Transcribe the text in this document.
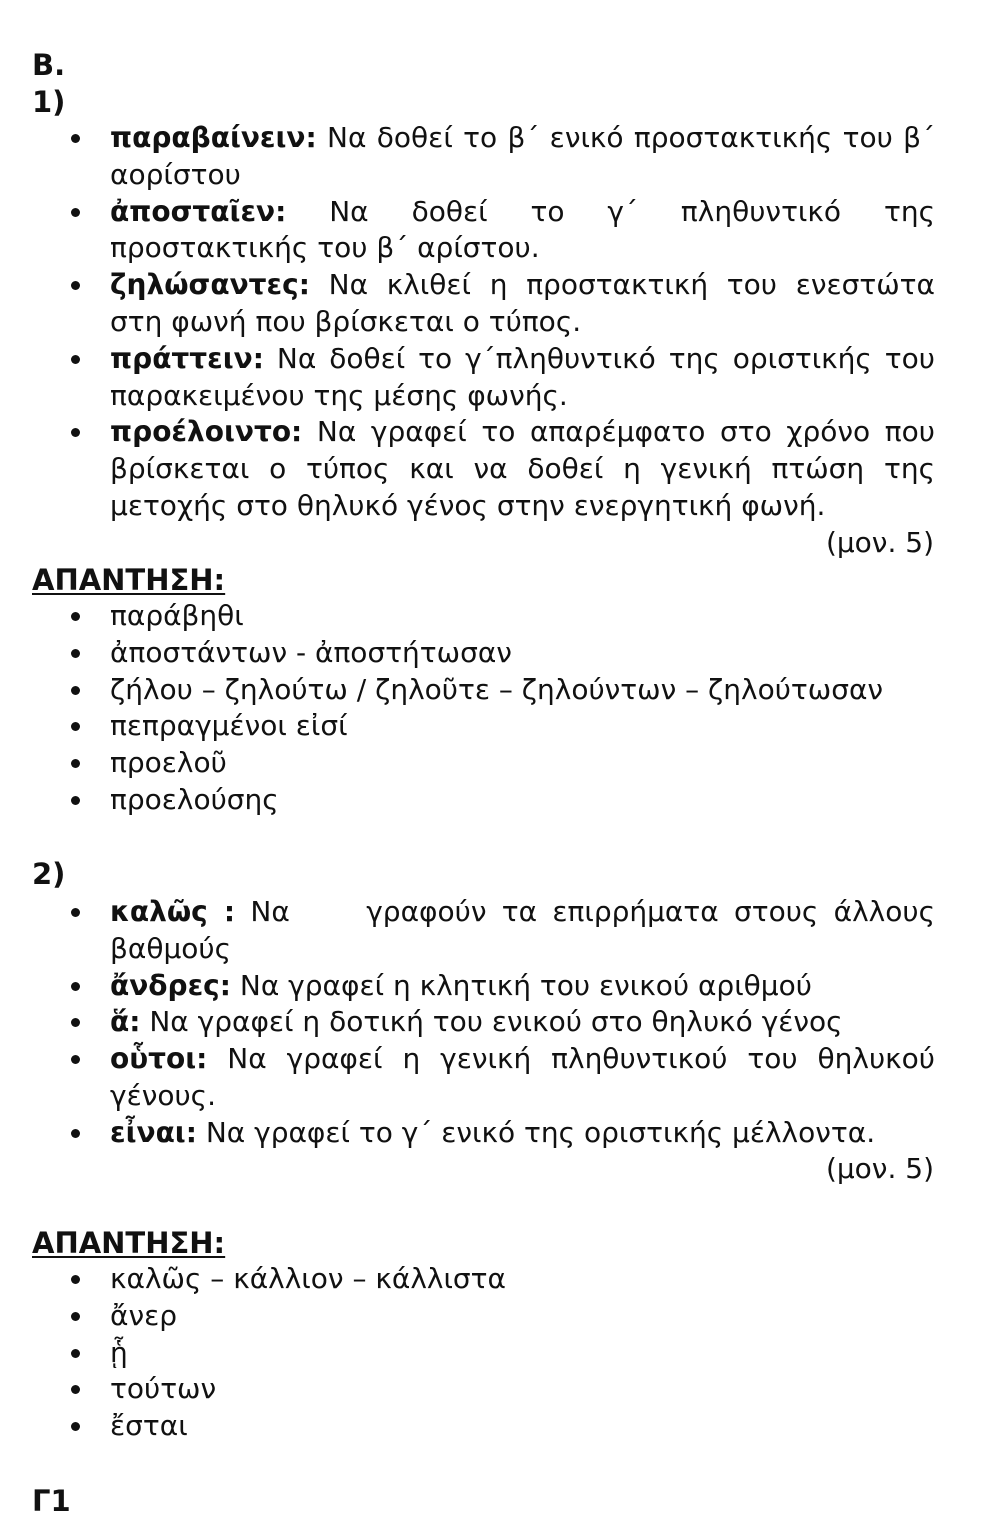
Β.
1)
παραβαίνειν: Να δοθεί το β΄ ενικό προστακτικής του β΄ αορίστου
ἀποσταῖεν: Να δοθεί το γ΄ πληθυντικό της προστακτικής του β΄ αρίστου.
ζηλώσαντες: Να κλιθεί η προστακτική του ενεστώτα στη φωνή που βρίσκεται ο τύπος.
πράττειν: Να δοθεί το γ΄πληθυντικό της οριστικής του παρακειμένου της μέσης φωνής.
προέλοιντο: Να γραφεί το απαρέμφατο στο χρόνο που βρίσκεται ο τύπος και να δοθεί η γενική πτώση της μετοχής στο θηλυκό γένος στην ενεργητική φωνή.
(μον. 5)
ΑΠΑΝΤΗΣΗ:
παράβηθι
ἀποστάντων - ἀποστήτωσαν
ζήλου – ζηλούτω / ζηλοῦτε – ζηλούντων – ζηλούτωσαν
πεπραγμένοι εἰσί
προελοῦ
προελούσης
2)
καλῶς : Να     γραφούν τα επιρρήματα στους άλλους βαθμούς
ἄνδρες: Να γραφεί η κλητική του ενικού αριθμού
ἅ: Να γραφεί η δοτική του ενικού στο θηλυκό γένος
οὗτοι: Να γραφεί η γενική πληθυντικού του θηλυκού γένους.
εἶναι: Να γραφεί το γ΄ ενικό της οριστικής μέλλοντα.
(μον. 5)
ΑΠΑΝΤΗΣΗ:
καλῶς – κάλλιον – κάλλιστα
ἄνερ
ᾗ
τούτων
ἔσται
Γ1
